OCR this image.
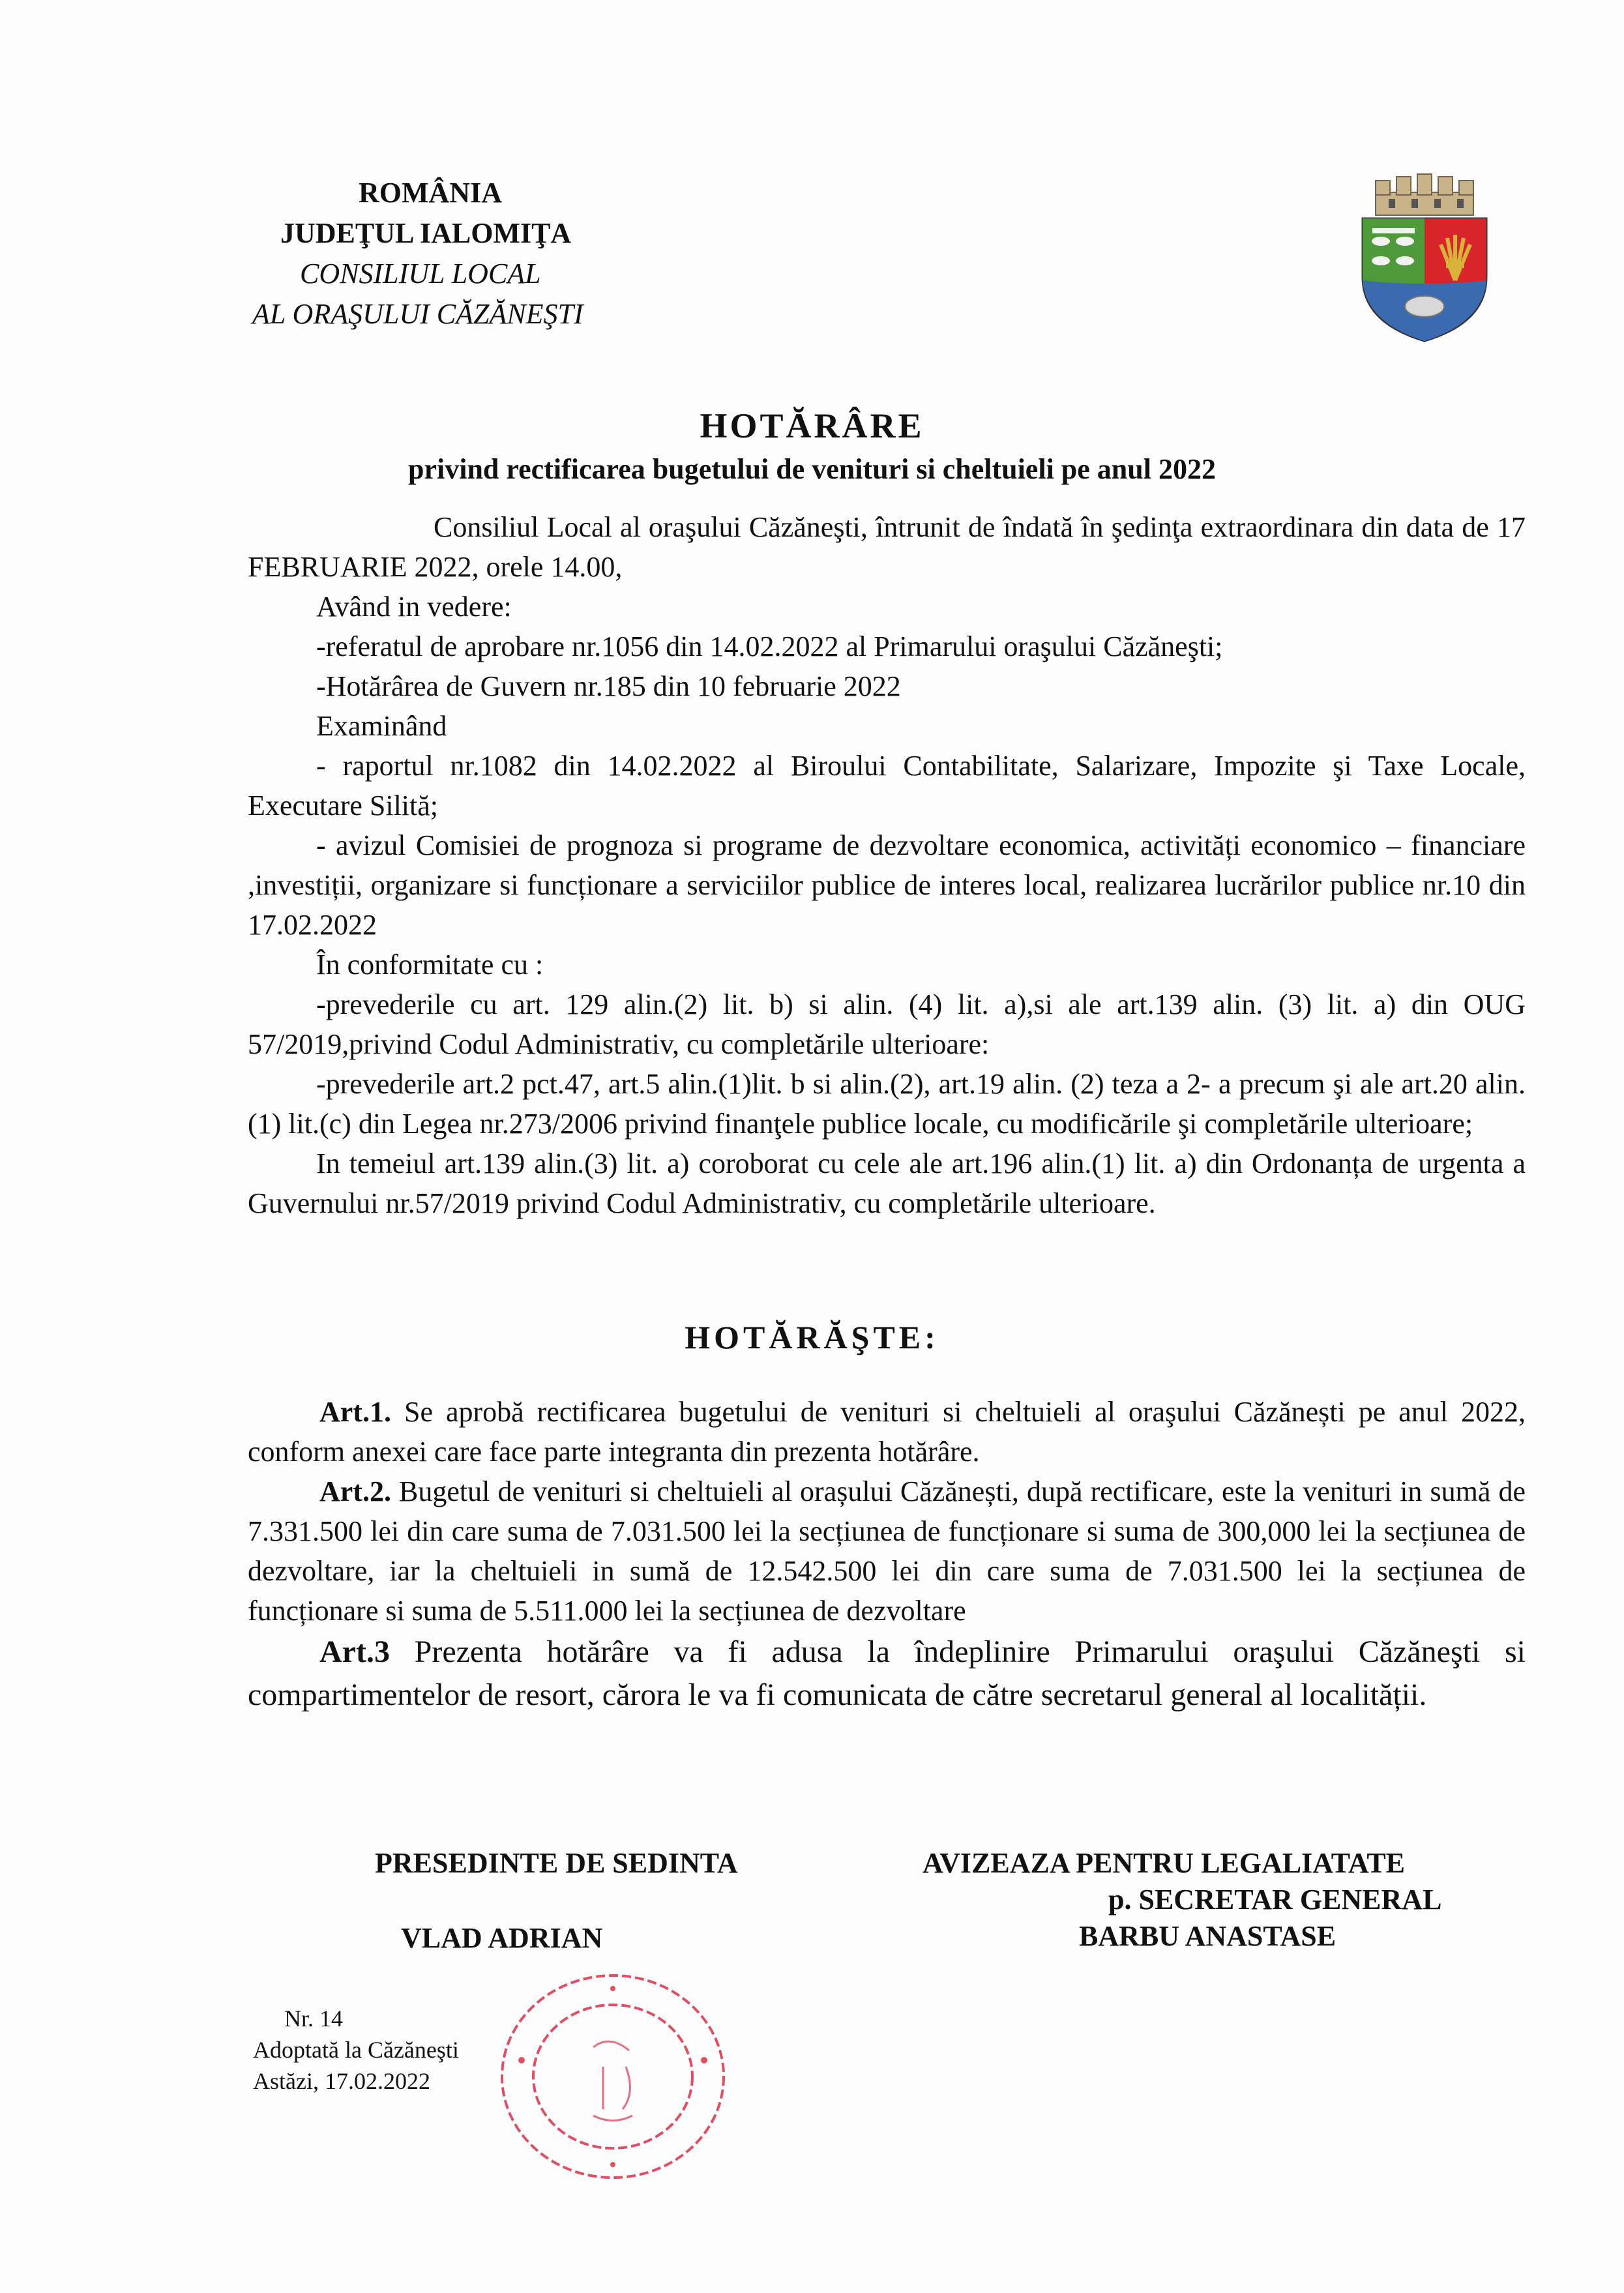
ROMÂNIA
JUDEŢUL IALOMIŢA
CONSILIUL LOCAL
AL ORAŞULUI CĂZĂNEŞTI
HOTĂRÂRE
privind rectificarea bugetului de venituri si cheltuieli pe anul 2022

Consiliul Local al oraşului Căzăneşti, întrunit de îndată în şedinţa extraordinara din data de 17 FEBRUARIE 2022, orele 14.00,

Având in vedere:

-referatul de aprobare nr.1056 din 14.02.2022 al Primarului oraşului Căzăneşti;

-Hotărârea de Guvern nr.185 din 10 februarie 2022

Examinând

- raportul nr.1082 din 14.02.2022 al Biroului Contabilitate, Salarizare, Impozite şi Taxe Locale, Executare Silită;

- avizul Comisiei de prognoza si programe de dezvoltare economica, activități economico – financiare ,investiții, organizare si funcționare a serviciilor publice de interes local, realizarea lucrărilor publice nr.10 din 17.02.2022

În conformitate cu :

-prevederile cu art. 129 alin.(2) lit. b) si alin. (4) lit. a),si ale art.139 alin. (3) lit. a) din OUG 57/2019,privind Codul Administrativ, cu completările ulterioare:

-prevederile art.2 pct.47, art.5 alin.(1)lit. b si alin.(2), art.19 alin. (2) teza a 2- a precum şi ale art.20 alin.(1) lit.(c) din Legea nr.273/2006 privind finanţele publice locale, cu modificările şi completările ulterioare;

In temeiul art.139 alin.(3) lit. a) coroborat cu cele ale art.196 alin.(1) lit. a) din Ordonanța de urgenta a Guvernului nr.57/2019 privind Codul Administrativ, cu completările ulterioare.

HOTĂRĂŞTE:

Art.1. Se aprobă rectificarea bugetului de venituri si cheltuieli al oraşului Căzănești pe anul 2022, conform anexei care face parte integranta din prezenta hotărâre.

Art.2. Bugetul de venituri si cheltuieli al orașului Căzănești, după rectificare, este la venituri in sumă de 7.331.500 lei din care suma de 7.031.500 lei la secțiunea de funcționare si suma de 300,000 lei la secțiunea de dezvoltare, iar la cheltuieli in sumă de 12.542.500 lei din care suma de 7.031.500 lei la secțiunea de funcționare si suma de 5.511.000 lei la secțiunea de dezvoltare

Art.3 Prezenta hotărâre va fi adusa la îndeplinire Primarului oraşului Căzăneşti si compartimentelor de resort, cărora le va fi comunicata de către secretarul general al localității.

PRESEDINTE DE SEDINTA
VLAD ADRIAN
AVIZEAZA PENTRU LEGALIATATE
p. SECRETAR GENERAL
BARBU ANASTASE
Nr. 14
Adoptată la Căzăneşti
Astăzi, 17.02.2022
